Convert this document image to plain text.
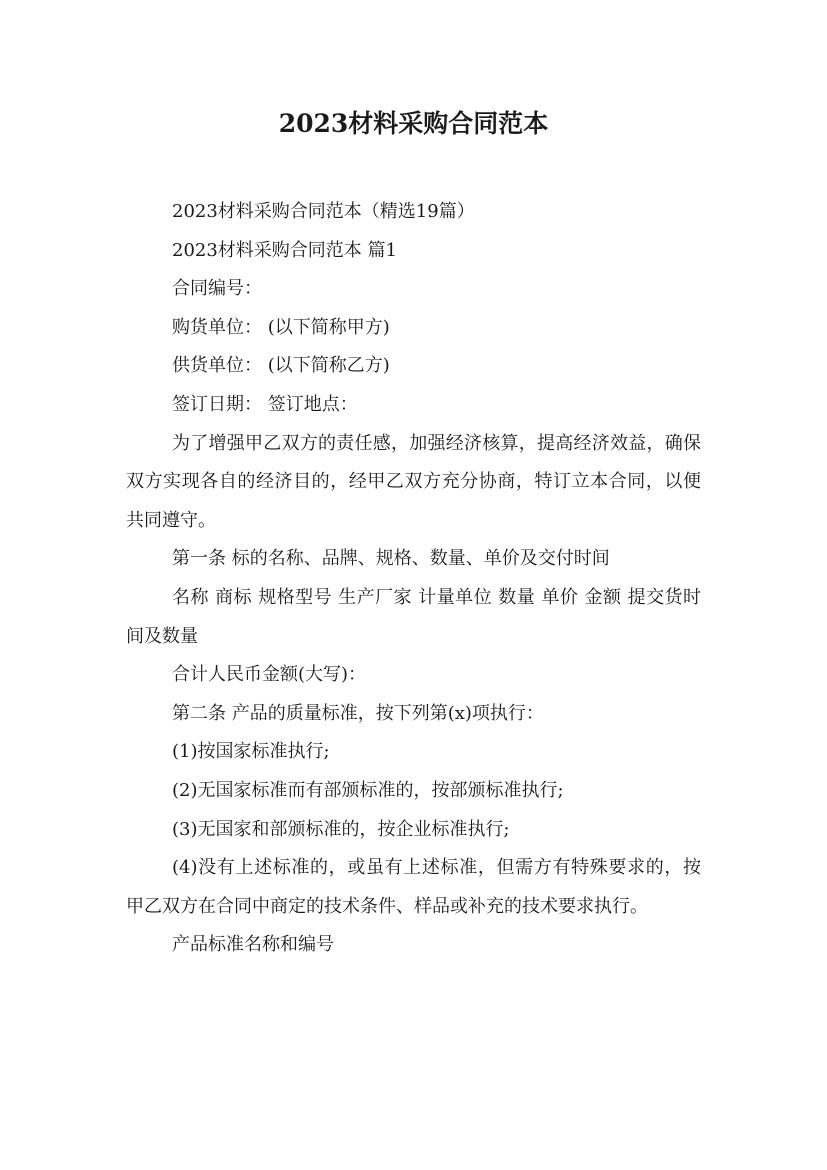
2023材料采购合同范本

2023材料采购合同范本（精选19篇）

2023材料采购合同范本 篇1

合同编号：

购货单位： (以下简称甲方)

供货单位： (以下简称乙方)

签订日期： 签订地点：

为了增强甲乙双方的责任感，加强经济核算，提高经济效益，确保双方实现各自的经济目的，经甲乙双方充分协商，特订立本合同，以便共同遵守。

第一条 标的名称、品牌、规格、数量、单价及交付时间

名称 商标 规格型号 生产厂家 计量单位 数量 单价 金额 提交货时间及数量

合计人民币金额(大写)：

第二条 产品的质量标准，按下列第(x)项执行：

(1)按国家标准执行;

(2)无国家标准而有部颁标准的，按部颁标准执行;

(3)无国家和部颁标准的，按企业标准执行;

(4)没有上述标准的，或虽有上述标准，但需方有特殊要求的，按甲乙双方在合同中商定的技术条件、样品或补充的技术要求执行。

产品标准名称和编号
